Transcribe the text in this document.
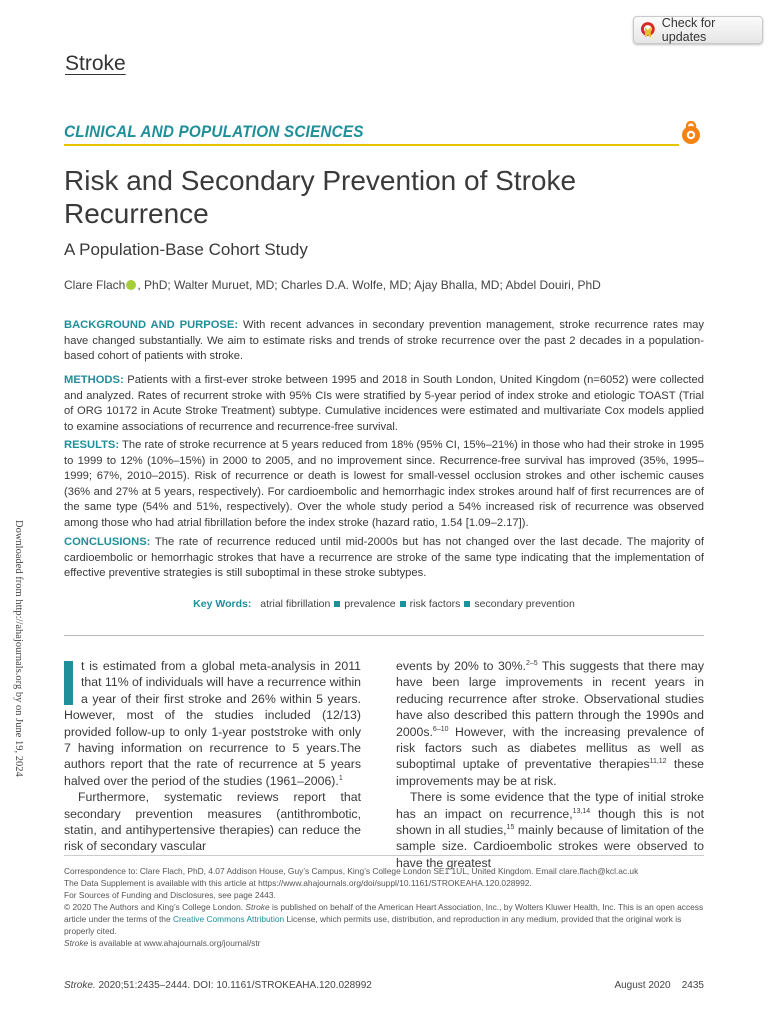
Check for updates
Stroke
CLINICAL AND POPULATION SCIENCES
Risk and Secondary Prevention of Stroke Recurrence
A Population-Base Cohort Study
Clare Flach , PhD; Walter Muruet, MD; Charles D.A. Wolfe, MD; Ajay Bhalla, MD; Abdel Douiri, PhD
BACKGROUND AND PURPOSE: With recent advances in secondary prevention management, stroke recurrence rates may have changed substantially. We aim to estimate risks and trends of stroke recurrence over the past 2 decades in a population-based cohort of patients with stroke.
METHODS: Patients with a first-ever stroke between 1995 and 2018 in South London, United Kingdom (n=6052) were collected and analyzed. Rates of recurrent stroke with 95% CIs were stratified by 5-year period of index stroke and etiologic TOAST (Trial of ORG 10172 in Acute Stroke Treatment) subtype. Cumulative incidences were estimated and multivariate Cox models applied to examine associations of recurrence and recurrence-free survival.
RESULTS: The rate of stroke recurrence at 5 years reduced from 18% (95% CI, 15%–21%) in those who had their stroke in 1995 to 1999 to 12% (10%–15%) in 2000 to 2005, and no improvement since. Recurrence-free survival has improved (35%, 1995–1999; 67%, 2010–2015). Risk of recurrence or death is lowest for small-vessel occlusion strokes and other ischemic causes (36% and 27% at 5 years, respectively). For cardioembolic and hemorrhagic index strokes around half of first recurrences are of the same type (54% and 51%, respectively). Over the whole study period a 54% increased risk of recurrence was observed among those who had atrial fibrillation before the index stroke (hazard ratio, 1.54 [1.09–2.17]).
CONCLUSIONS: The rate of recurrence reduced until mid-2000s but has not changed over the last decade. The majority of cardioembolic or hemorrhagic strokes that have a recurrence are stroke of the same type indicating that the implementation of effective preventive strategies is still suboptimal in these stroke subtypes.
Key Words: atrial fibrillation prevalence risk factors secondary prevention

t is estimated from a global meta-analysis in 2011 that 11% of individuals will have a recurrence within a year of their first stroke and 26% within 5 years. However, most of the studies included (12/13) provided follow-up to only 1-year poststroke with only 7 having information on recurrence to 5 years.The authors report that the rate of recurrence at 5 years halved over the period of the studies (1961–2006).$^1$

Furthermore, systematic reviews report that secondary prevention measures (antithrombotic, statin, and antihypertensive therapies) can reduce the risk of secondary vascular

events by 20% to 30%.$^{2-5}$ This suggests that there may have been large improvements in recent years in reducing recurrence after stroke. Observational studies have also described this pattern through the 1990s and 2000s.$^{6-10}$ However, with the increasing prevalence of risk factors such as diabetes mellitus as well as suboptimal uptake of preventative therapies$^{11,12}$ these improvements may be at risk.

There is some evidence that the type of initial stroke has an impact on recurrence,$^{13,14}$ though this is not shown in all studies,$^{15}$ mainly because of limitation of the sample size. Cardioembolic strokes were observed to have the greatest

Downloaded from http://ahajournals.org by on June 19, 2024

Correspondence to: Clare Flach, PhD, 4.07 Addison House, Guy’s Campus, King’s College London SE1 1UL, United Kingdom. Email clare.flach@kcl.ac.uk

The Data Supplement is available with this article at https://www.ahajournals.org/doi/suppl/10.1161/STROKEAHA.120.028992.

For Sources of Funding and Disclosures, see page 2443.

© 2020 The Authors and King’s College London. Stroke is published on behalf of the American Heart Association, Inc., by Wolters Kluwer Health, Inc. This is an open access article under the terms of the Creative Commons Attribution License, which permits use, distribution, and reproduction in any medium, provided that the original work is properly cited.

Stroke is available at www.ahajournals.org/journal/str

Stroke. 2020;51:2435–2444. DOI: 10.1161/STROKEAHA.120.028992	August 2020 2435
